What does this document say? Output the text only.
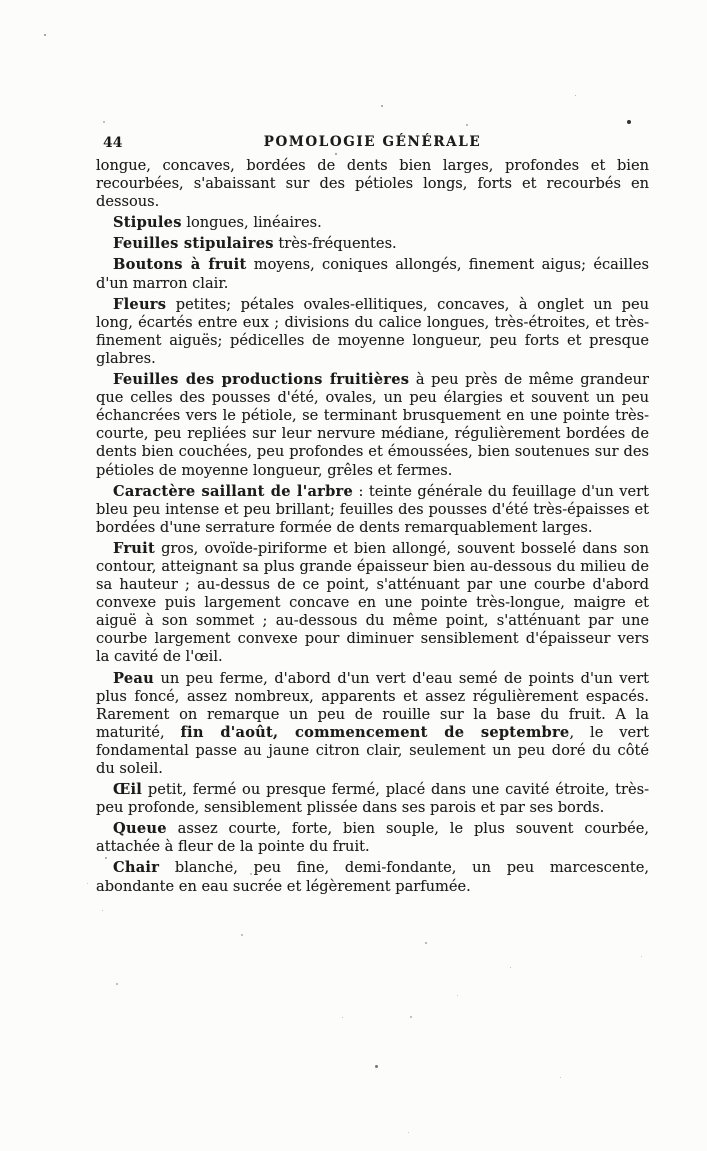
44	POMOLOGIE GÉNÉRALE

longue, concaves, bordées de dents bien larges, profondes et bien recourbées, s'abaissant sur des pétioles longs, forts et recourbés en dessous.

Stipules longues, linéaires.

Feuilles stipulaires très-fréquentes.

Boutons à fruit moyens, coniques allongés, finement aigus; écailles d'un marron clair.

Fleurs petites; pétales ovales-ellitiques, concaves, à onglet un peu long, écartés entre eux ; divisions du calice longues, très-étroites, et très-finement aiguës; pédicelles de moyenne longueur, peu forts et presque glabres.

Feuilles des productions fruitières à peu près de même grandeur que celles des pousses d'été, ovales, un peu élargies et souvent un peu échancrées vers le pétiole, se terminant brusquement en une pointe très-courte, peu repliées sur leur nervure médiane, régulièrement bordées de dents bien couchées, peu profondes et émoussées, bien soutenues sur des pétioles de moyenne longueur, grêles et fermes.

Caractère saillant de l'arbre : teinte générale du feuillage d'un vert bleu peu intense et peu brillant; feuilles des pousses d'été très-épaisses et bordées d'une serrature formée de dents remarquablement larges.

Fruit gros, ovoïde-piriforme et bien allongé, souvent bosselé dans son contour, atteignant sa plus grande épaisseur bien au-dessous du milieu de sa hauteur ; au-dessus de ce point, s'atténuant par une courbe d'abord convexe puis largement concave en une pointe très-longue, maigre et aiguë à son sommet ; au-dessous du même point, s'atténuant par une courbe largement convexe pour diminuer sensiblement d'épaisseur vers la cavité de l'œil.

Peau un peu ferme, d'abord d'un vert d'eau semé de points d'un vert plus foncé, assez nombreux, apparents et assez régulièrement espacés. Rarement on remarque un peu de rouille sur la base du fruit. A la maturité, fin d'août, commencement de septembre, le vert fondamental passe au jaune citron clair, seulement un peu doré du côté du soleil.

Œil petit, fermé ou presque fermé, placé dans une cavité étroite, très-peu profonde, sensiblement plissée dans ses parois et par ses bords.

Queue assez courte, forte, bien souple, le plus souvent courbée, attachée à fleur de la pointe du fruit.

Chair blanche, peu fine, demi-fondante, un peu marcescente, abondante en eau sucrée et légèrement parfumée.
